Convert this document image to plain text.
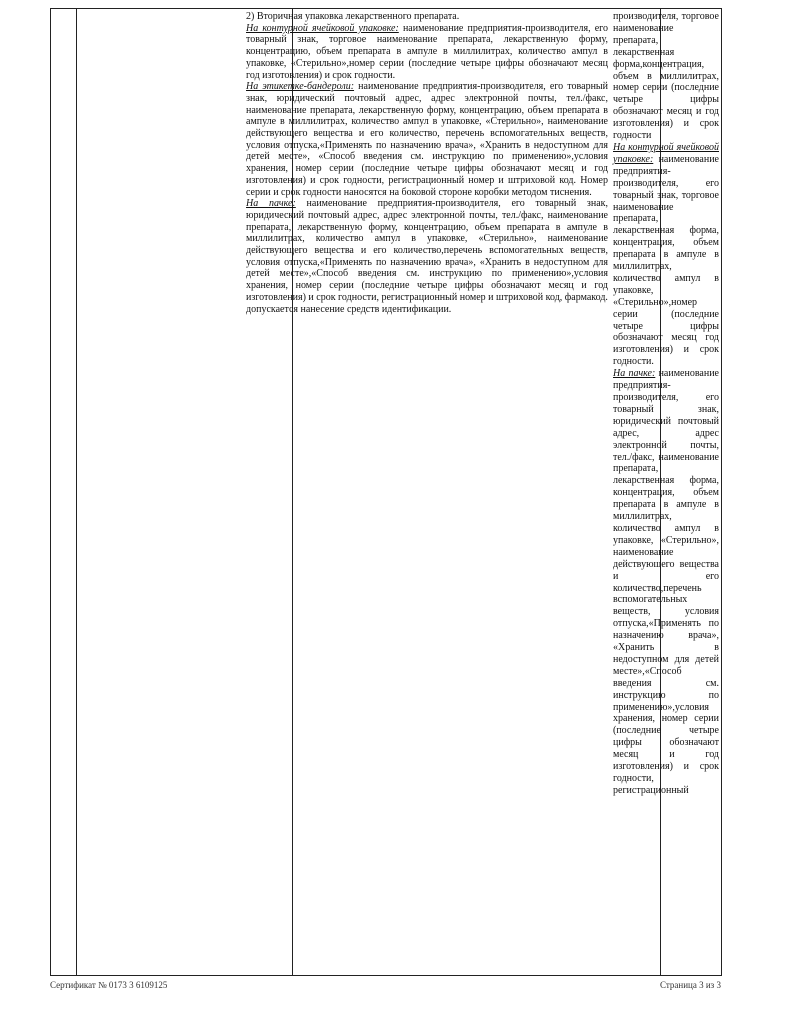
2) Вторичная упаковка лекарственного препарата.

На контурной ячейковой упаковке: наименование предприятия-производителя, его товарный знак, торговое наименование препарата, лекарственную форму, концентрацию, объем препарата в ампуле в миллилитрах, количество ампул в упаковке, «Стерильно»,номер серии (последние четыре цифры обозначают месяц год изготовления) и срок годности.

На этикетке-бандероли: наименование предприятия-производителя, его товарный знак, юридический почтовый адрес, адрес электронной почты, тел./факс, наименование препарата, лекарственную форму, концентрацию, объем препарата в ампуле в миллилитрах, количество ампул в упаковке, «Стерильно», наименование действующего вещества и его количество, перечень вспомогательных веществ, условия отпуска,«Применять по назначению врача», «Хранить в недоступном для детей месте», «Способ введения см. инструкцию по применению»,условия хранения, номер серии (последние четыре цифры обозначают месяц и год изготовления) и срок годности, регистрационный номер и штриховой код. Номер серии и срок годности наносятся на боковой стороне коробки методом тиснения.

На пачке: наименование предприятия-производителя, его товарный знак, юридический почтовый адрес, адрес электронной почты, тел./факс, наименование препарата, лекарственную форму, концентрацию, объем препарата в ампуле в миллилитрах, количество ампул в упаковке, «Стерильно», наименование действующего вещества и его количество,перечень вспомогательных веществ, условия отпуска,«Применять по назначению врача», «Хранить в недоступном для детей месте»,«Способ введения см. инструкцию по применению»,условия хранения, номер серии (последние четыре цифры обозначают месяц и год изготовления) и срок годности, регистрационный номер и штриховой код, фармакод.

допускается нанесение средств идентификации.

производителя, торговое наименование препарата, лекарственная форма,концентрация, объем в миллилитрах, номер серии (последние четыре цифры обозначают месяц и год изготовления) и срок годности

На контурной ячейковой упаковке: наименование предприятия-производителя, его товарный знак, торговое наименование препарата, лекарственная форма, концентрация, объем препарата в ампуле в миллилитрах, количество ампул в упаковке, «Стерильно»,номер серии (последние четыре цифры обозначают месяц год изготовления) и срок годности.

На пачке: наименование предприятия-производителя, его товарный знак, юридический почтовый адрес, адрес электронной почты, тел./факс, наименование препарата, лекарственная форма, концентрация, объем препарата в ампуле в миллилитрах, количество ампул в упаковке, «Стерильно», наименование действующего вещества и его количество,перечень вспомогательных веществ, условия отпуска,«Применять по назначению врача», «Хранить в недоступном для детей месте»,«Способ введения см. инструкцию по применению»,условия хранения, номер серии (последние четыре цифры обозначают месяц и год изготовления) и срок годности, регистрационный

Сертификат № 0173 3 6109125	Страница 3 из 3
